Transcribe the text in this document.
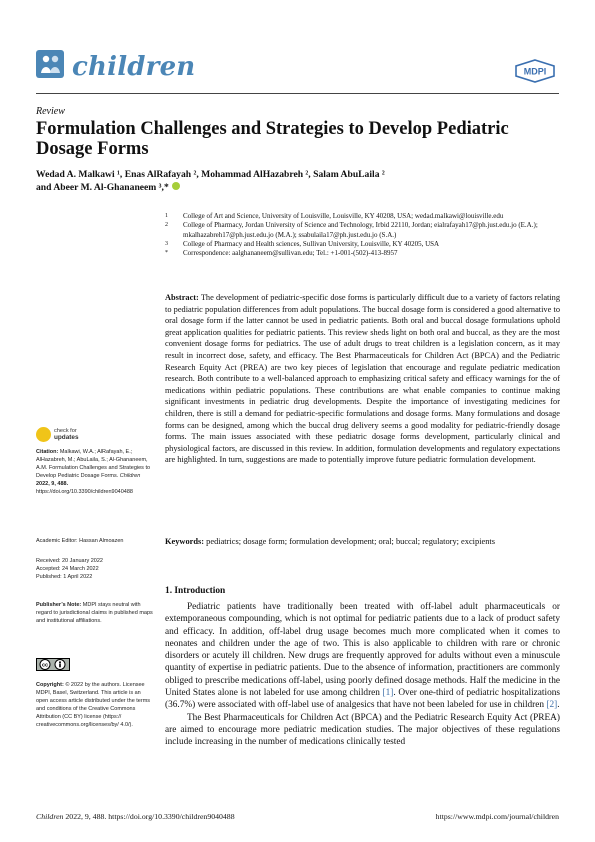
children	MDPI
Review
Formulation Challenges and Strategies to Develop Pediatric Dosage Forms
Wedad A. Malkawi ¹, Enas AlRafayah ², Mohammad AlHazabreh ², Salam AbuLaila ²
and Abeer M. Al-Ghananeem ³,*
1 College of Art and Science, University of Louisville, Louisville, KY 40208, USA; wedad.malkawi@louisville.edu
2 College of Pharmacy, Jordan University of Science and Technology, Irbid 22110, Jordan; eialrafayah17@ph.just.edu.jo (E.A.); mkalhazabreh17@ph.just.edu.jo (M.A.); ssabulaila17@ph.just.edu.jo (S.A.)
3 College of Pharmacy and Health sciences, Sullivan University, Louisville, KY 40205, USA
* Correspondence: aalghananeem@sullivan.edu; Tel.: +1-001-(502)-413-8957
Abstract: The development of pediatric-specific dose forms is particularly difficult due to a variety of factors relating to pediatric population differences from adult populations. The buccal dosage form is considered a good alternative to oral dosage form if the latter cannot be used in pediatric patients. Both oral and buccal dosage formulations uphold great application qualities for pediatric patients. This review sheds light on both oral and buccal, as they are the most convenient dosage forms for pediatrics. The use of adult drugs to treat children is a legislation concern, as it may result in incorrect dose, safety, and efficacy. The Best Pharmaceuticals for Children Act (BPCA) and the Pediatric Research Equity Act (PREA) are two key pieces of legislation that encourage and regulate pediatric medication research. Both contribute to a well-balanced approach to emphasizing critical safety and efficacy warnings for the of medications within pediatric populations. These contributions are what enable companies to continue making significant investments in pediatric drug developments. Despite the importance of investigating medicines for children, there is still a demand for pediatric-specific formulations and dosage forms. Many formulations and dosage forms can be designed, among which the buccal drug delivery seems a good modality for pediatric-friendly dosage forms. The main issues associated with these pediatric dosage forms development, particularly clinical and physiological factors, are discussed in this review. In addition, formulation developments and regulatory expectations are highlighted. In turn, suggestions are made to potentially improve future pediatric formulation development.
Keywords: pediatrics; dosage form; formulation development; oral; buccal; regulatory; excipients
check for
updates
Citation: Malkawi, W.A.; AlRafayah, E.; AlHazabreh, M.; AbuLaila, S.; Al-Ghananeem, A.M. Formulation Challenges and Strategies to Develop Pediatric Dosage Forms. Children 2022, 9, 488. https://doi.org/10.3390/children9040488
Academic Editor: Hassan Almoazen
Received: 20 January 2022
Accepted: 24 March 2022
Published: 1 April 2022
Publisher’s Note: MDPI stays neutral with regard to jurisdictional claims in published maps and institutional affiliations.
cc
Copyright: © 2022 by the authors. Licensee MDPI, Basel, Switzerland. This article is an open access article distributed under the terms and conditions of the Creative Commons Attribution (CC BY) license (https:// creativecommons.org/licenses/by/ 4.0/).
1. Introduction

Pediatric patients have traditionally been treated with off-label adult pharmaceuticals or extemporaneous compounding, which is not optimal for pediatric patients due to a lack of product safety and efficacy. In addition, off-label drug usage becomes much more complicated when it comes to neonates and children under the age of two. This is also applicable to children with rare or chronic disorders or acutely ill children. New drugs are frequently approved for adults without even a minuscule quantity of expertise in pediatric patients. Due to the absence of information, practitioners are commonly obliged to prescribe medications off-label, using poorly defined dosage methods. Half the medicine in the United States alone is not labeled for use among children [1]. Over one-third of pediatric hospitalizations (36.7%) were associated with off-label use of analgesics that have not been labeled for use in children [2].

The Best Pharmaceuticals for Children Act (BPCA) and the Pediatric Research Equity Act (PREA) are aimed to encourage more pediatric medication studies. The major objectives of these regulations include increasing in the number of medications clinically tested

Children 2022, 9, 488. https://doi.org/10.3390/children9040488	https://www.mdpi.com/journal/children
